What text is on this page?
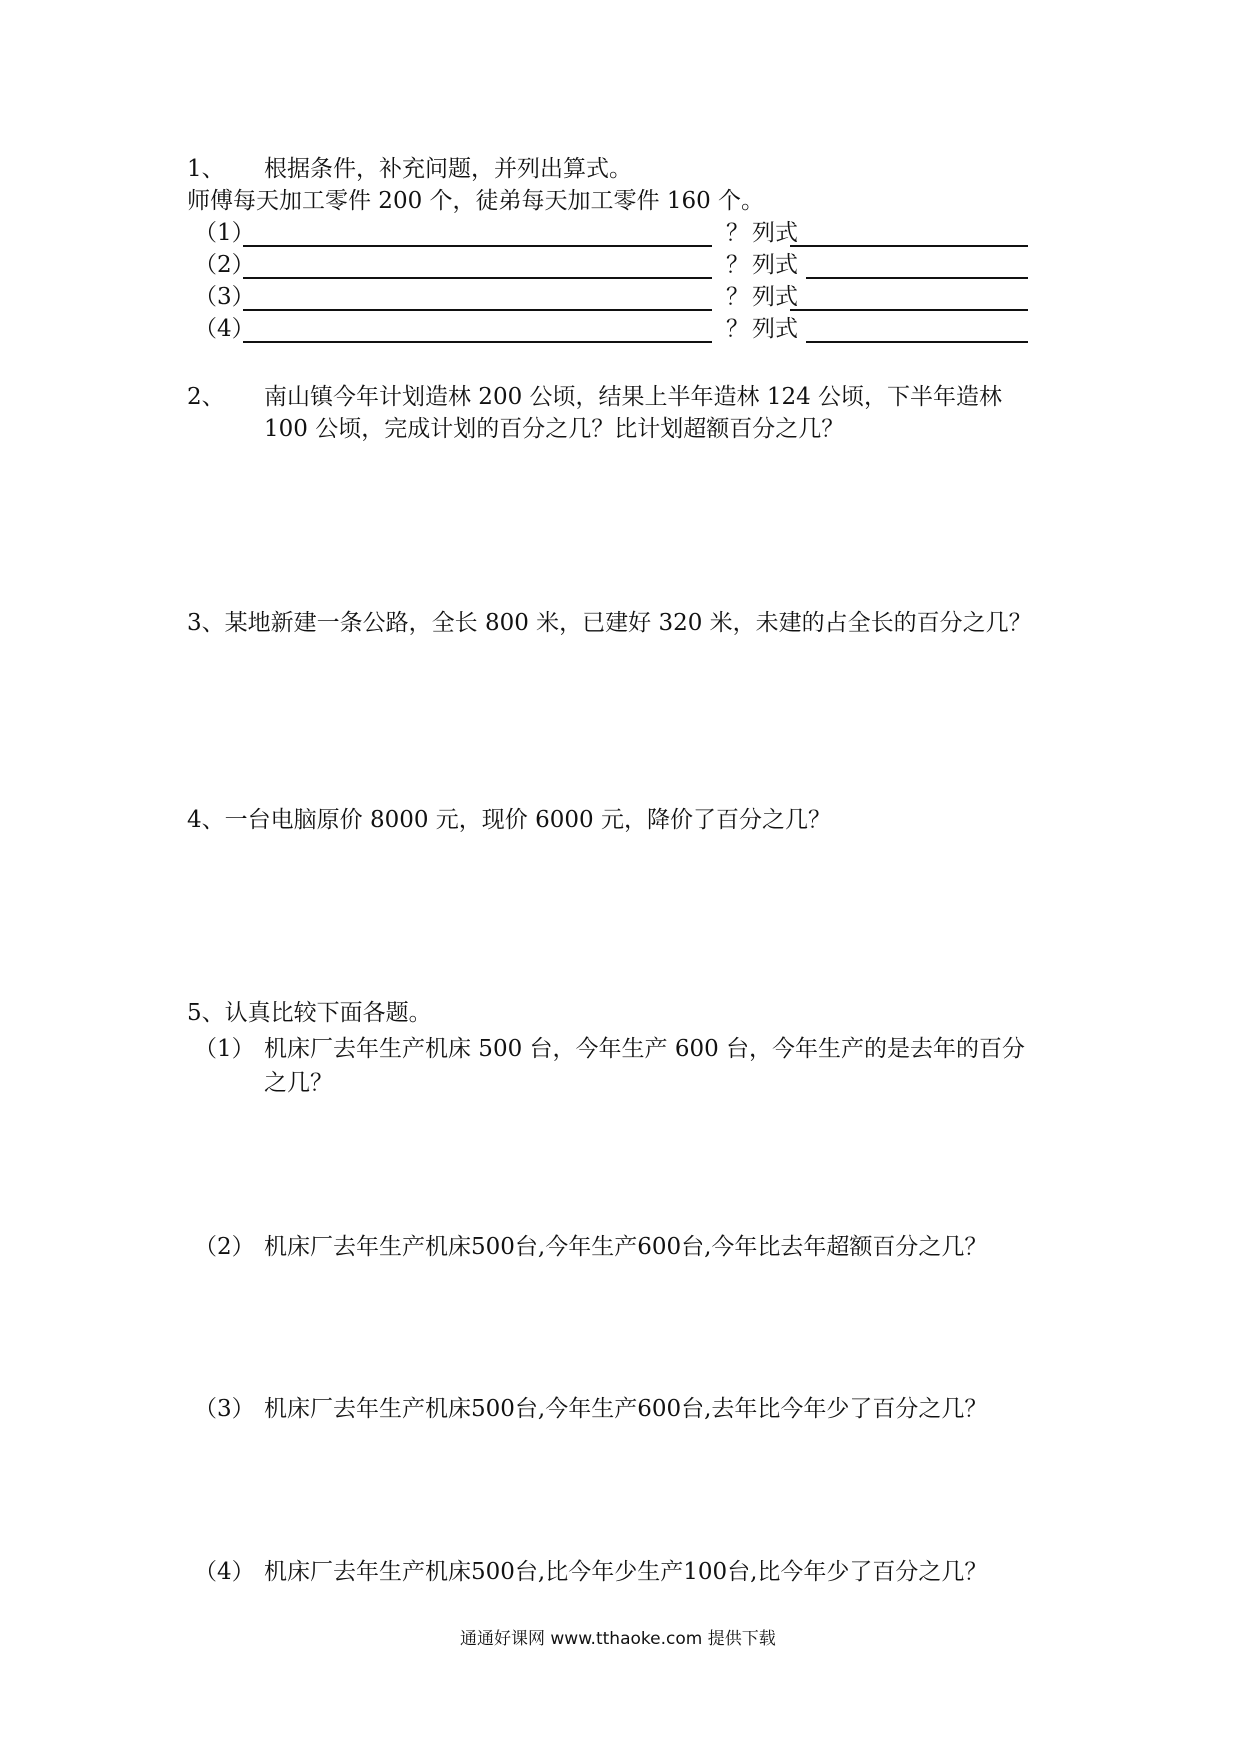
1、 根据条件，补充问题，并列出算式。
师傅每天加工零件 200 个，徒弟每天加工零件 160 个。
（1）	？ 列式
（2）	？ 列式
（3）	？ 列式
（4）	？ 列式
2、 南山镇今年计划造林 200 公顷，结果上半年造林 124 公顷，下半年造林
100 公顷，完成计划的百分之几？比计划超额百分之几？
3、某地新建一条公路，全长 800 米，已建好 320 米，未建的占全长的百分之几？
4、一台电脑原价 8000 元，现价 6000 元，降价了百分之几？
5、认真比较下面各题。
（1） 机床厂去年生产机床 500 台，今年生产 600 台，今年生产的是去年的百分
之几？
（2） 机床厂去年生产机床500台,今年生产600台,今年比去年超额百分之几？
（3） 机床厂去年生产机床500台,今年生产600台,去年比今年少了百分之几？
（4） 机床厂去年生产机床500台,比今年少生产100台,比今年少了百分之几？
通通好课网 www.tthaoke.com 提供下载
